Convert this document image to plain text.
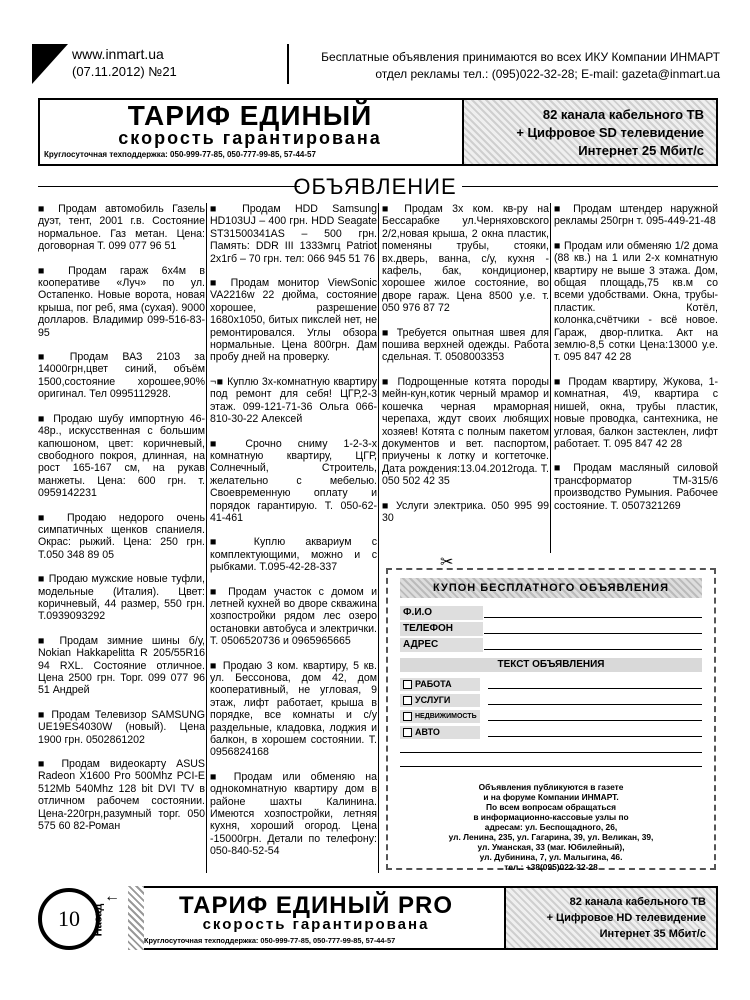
www.inmart.ua
(07.11.2012) №21
Бесплатные объявления принимаются во всех ИКУ Компании ИНМАРТ
отдел рекламы тел.: (095)022-32-28; E-mail: gazeta@inmart.ua
ТАРИФ ЕДИНЫЙ
скорость гарантирована
Круглосуточная техподдержка: 050-999-77-85, 050-777-99-85, 57-44-57
82 канала кабельного ТВ
+ Цифровое SD телевидение
Интернет 25 Мбит/с
ОБЪЯВЛЕНИЕ

■ Продам автомобиль Газель дуэт, тент, 2001 г.в. Состояние нормальное. Газ метан. Цена: договорная Т. 099 077 96 51

■ Продам гараж 6х4м в кооперативе «Луч» по ул. Остапенко. Новые ворота, новая крыша, пог реб, яма (сухая). 9000 долларов. Владимир 099-516-83-95

■ Продам ВАЗ 2103 за 14000грн,цвет синий, объём 1500,состояние хорошее,90% оригинал. Тел 0995112928.

■ Продаю шубу импортную 46-48р., искусственная с большим капюшоном, цвет: коричневый, свободного покроя, длинная, на рост 165-167 см, на рукав манжеты. Цена: 600 грн. т. 0959142231

■ Продаю недорого очень симпатичных щенков спаниеля. Окрас: рыжий. Цена: 250 грн. Т.050 348 89 05

■ Продаю мужские новые туфли, модельные (Италия). Цвет: коричневый, 44 размер, 550 грн. Т.0939093292

■ Продам зимние шины б/у, Nokian Hakkapelitta R 205/55R16 94 RXL. Состояние отличное. Цена 2500 грн. Торг. 099 077 96 51 Андрей

■ Продам Телевизор SAMSUNG UE19ES4030W (новый). Цена 1900 грн. 0502861202

■ Продам видеокарту ASUS Radeon X1600 Pro 500Mhz PCI-E 512Mb 540Mhz 128 bit DVI TV в отличном рабочем состоянии. Цена-220грн,разумный торг. 050 575 60 82-Роман

■ Продам HDD Samsung HD103UJ – 400 грн. HDD Seagate ST31500341AS – 500 грн. Память: DDR III 1333мгц Patriot 2х1гб – 70 грн. тел: 066 945 51 76

■ Продам монитор ViewSonic VA2216w 22 дюйма, состояние хорошее, разрешение 1680х1050, битых пикслей нет, не ремонтировался. Углы обзора нормальные. Цена 800грн. Дам пробу дней на проверку.

¬■ Куплю 3х-комнатную квартиру под ремонт для себя! ЦГР,2-3 этаж. 099-121-71-36 Ольга 066-810-30-22 Алексей

■ Срочно сниму 1-2-3-х комнатную квартиру, ЦГР, Солнечный, Строитель, желательно с мебелью. Своевременную оплату и порядок гарантирую. Т. 050-62-41-461

■ Куплю аквариум с комплектующими, можно и с рыбками. Т.095-42-28-337

■ Продам участок с домом и летней кухней во дворе скважина хозпостройки рядом лес озеро остановки автобуса и электрички. Т. 0506520736 и 0965965665

■ Продаю 3 ком. квартиру, 5 кв. ул. Бессонова, дом 42, дом кооперативный, не угловая, 9 этаж, лифт работает, крыша в порядке, все комнаты и с/у раздельные, кладовка, лоджия и балкон, в хорошем состоянии. Т. 0956824168

■ Продам или обменяю на однокомнатную квартиру дом в районе шахты Калинина. Имеются хозпостройки, летняя кухня, хороший огород. Цена -15000грн. Детали по телефону: 050-840-52-54

■ Продам 3х ком. кв-ру на Бессарабке ул.Черняховского 2/2,новая крыша, 2 окна пластик, поменяны трубы, стояки, вх.дверь, ванна, с/у, кухня - кафель, бак, кондиционер, хорошее жилое состояние, во дворе гараж. Цена 8500 у.е. т. 050 976 87 72

■ Требуется опытная швея для пошива верхней одежды. Работа сдельная. Т. 0508003353

■ Подрощенные котята породы мейн-кун,котик черный мрамор и кошечка черная мраморная черепаха, ждут своих любящих хозяев! Котята с полным пакетом документов и вет. паспортом, приучены к лотку и когтеточке. Дата рождения:13.04.2012года. Т. 050 502 42 35

■ Услуги электрика. 050 995 99 30

■ Продам штендер наружной рекламы 250грн т. 095-449-21-48

■ Продам или обменяю 1/2 дома (88 кв.) на 1 или 2-х комнатную квартиру не выше 3 этажа. Дом, общая площадь,75 кв.м со всеми удобствами. Окна, трубы-пластик. Котёл, колонка,счётчики - всё новое. Гараж, двор-плитка. Акт на землю-8,5 сотки Цена:13000 у.е. т. 095 847 42 28

■ Продам квартиру, Жукова, 1-комнатная, 4\9, квартира с нишей, окна, трубы пластик, новые проводка, сантехника, не угловая, балкон застеклен, лифт работает. Т. 095 847 42 28

■ Продам масляный силовой трансформатор ТМ-315/6 производство Румыния. Рабочее состояние. Т. 0507321269

✂
КУПОН БЕСПЛАТНОГО ОБЪЯВЛЕНИЯ
Ф.И.О
ТЕЛЕФОН
АДРЕС
ТЕКСТ ОБЪЯВЛЕНИЯ
РАБОТА
УСЛУГИ
НЕДВИЖИМОСТЬ
АВТО
Объявления публикуются в газете
и на форуме Компании ИНМАРТ.
По всем вопросам обращаться
в информационно-кассовые узлы по
адресам: ул. Беспощадного, 26,
ул. Ленина, 235, ул. Гагарина, 39, ул. Великан, 39,
ул. Уманская, 33 (маг. Юбилейный),
ул. Дубинина, 7, ул. Малыгина, 46.
тел.: +38(095)022-32-28
10
←
Назад	ТАРИФ ЕДИНЫЙ PRO
скорость гарантирована
Круглосуточная техподдержка: 050-999-77-85, 050-777-99-85, 57-44-57
82 канала кабельного ТВ
+ Цифровое HD телевидение
Интернет 35 Мбит/с
